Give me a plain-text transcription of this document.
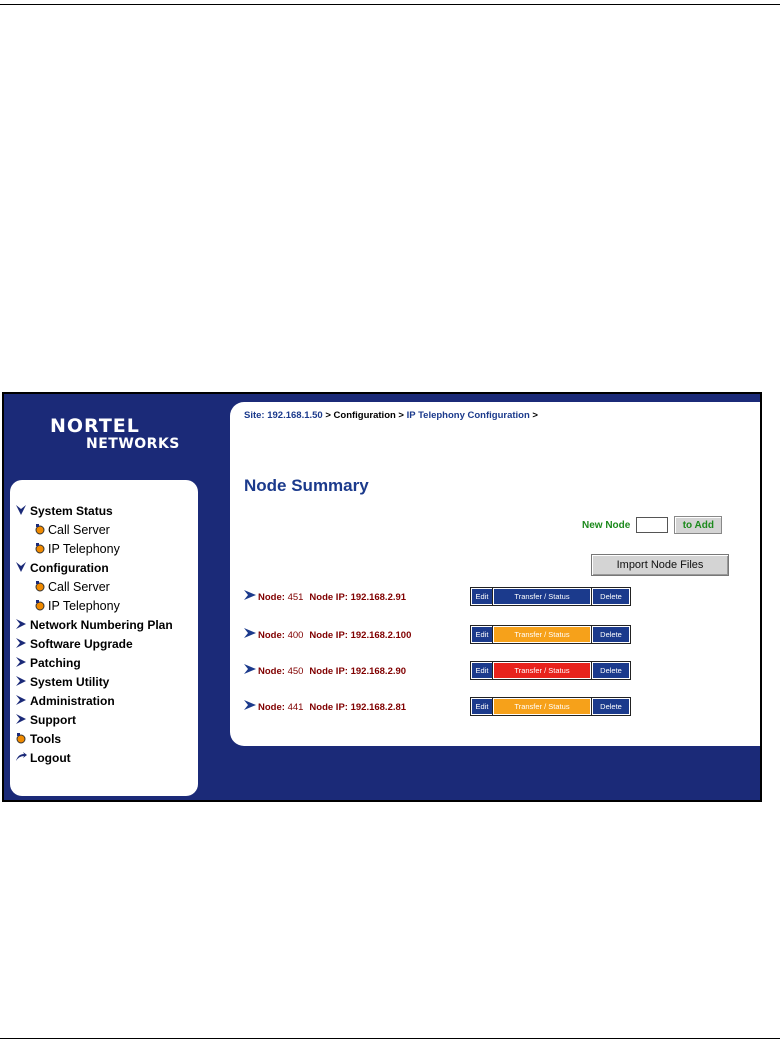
NORTEL
NETWORKS
System Status
Call Server
IP Telephony
Configuration
Call Server
IP Telephony
Network Numbering Plan
Software Upgrade
Patching
System Utility
Administration
Support
Tools
Logout
Site: 192.168.1.50 > Configuration > IP Telephony Configuration >
Node Summary
New Node	to Add
Import Node Files
Node: 451 Node IP: 192.168.2.91	Edit	Transfer / Status	Delete
Node: 400 Node IP: 192.168.2.100	Edit	Transfer / Status	Delete
Node: 450 Node IP: 192.168.2.90	Edit	Transfer / Status	Delete
Node: 441 Node IP: 192.168.2.81	Edit	Transfer / Status	Delete
